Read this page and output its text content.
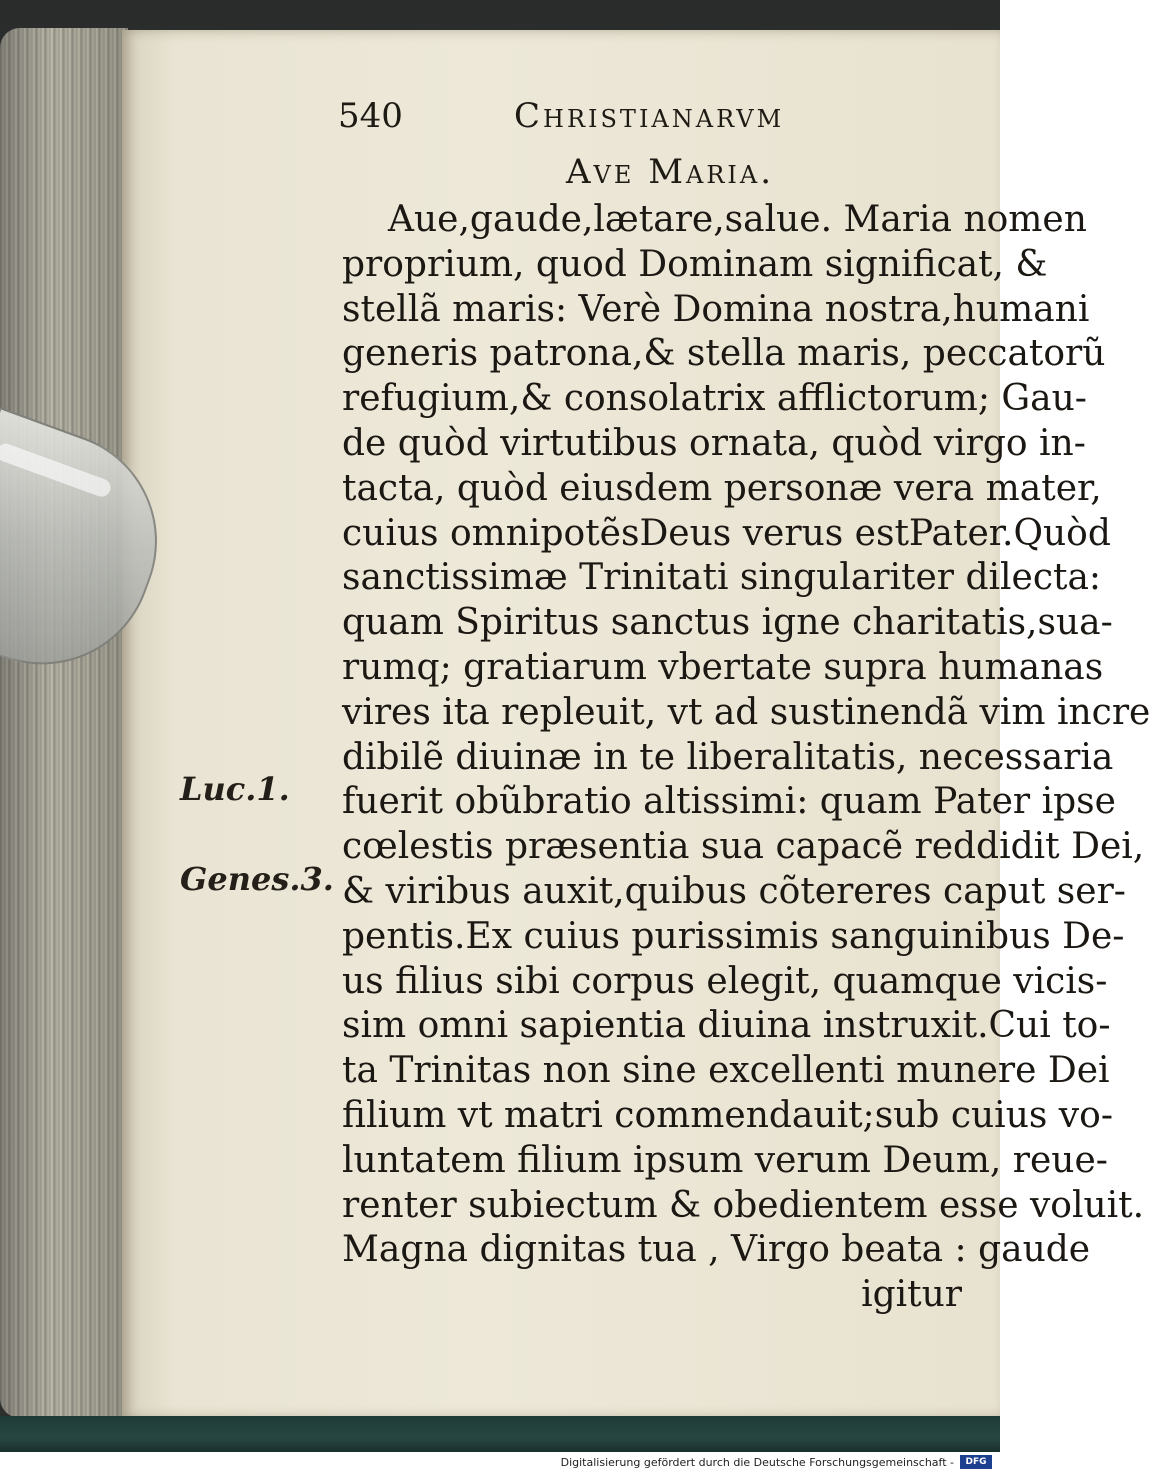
540	Christianarvm
Ave Maria.
Luc.1.
Genes.3.
Aue,gaude,lætare,salue. Maria nomen
proprium, quod Dominam significat, &
stellã maris: Verè Domina nostra,humani
generis patrona,& stella maris, peccatorũ
refugium,& consolatrix afflictorum; Gau-
de quòd virtutibus ornata, quòd virgo in-
tacta, quòd eiusdem personæ vera mater,
cuius omnipotẽsDeus verus estPater.Quòd
sanctissimæ Trinitati singulariter dilecta:
quam Spiritus sanctus igne charitatis,sua-
rumq; gratiarum vbertate supra humanas
vires ita repleuit, vt ad sustinendã vim incre
dibilẽ diuinæ in te liberalitatis, necessaria
fuerit obũbratio altissimi: quam Pater ipse
cœlestis præsentia sua capacẽ reddidit Dei,
& viribus auxit,quibus cõtereres caput ser-
pentis.Ex cuius purissimis sanguinibus De-
us filius sibi corpus elegit, quamque vicis-
sim omni sapientia diuina instruxit.Cui to-
ta Trinitas non sine excellenti munere Dei
filium vt matri commendauit;sub cuius vo-
luntatem filium ipsum verum Deum, reue-
renter subiectum & obedientem esse voluit.
Magna dignitas tua , Virgo beata : gaude
igitur
Digitalisierung gefördert durch die Deutsche Forschungsgemeinschaft -	DFG
